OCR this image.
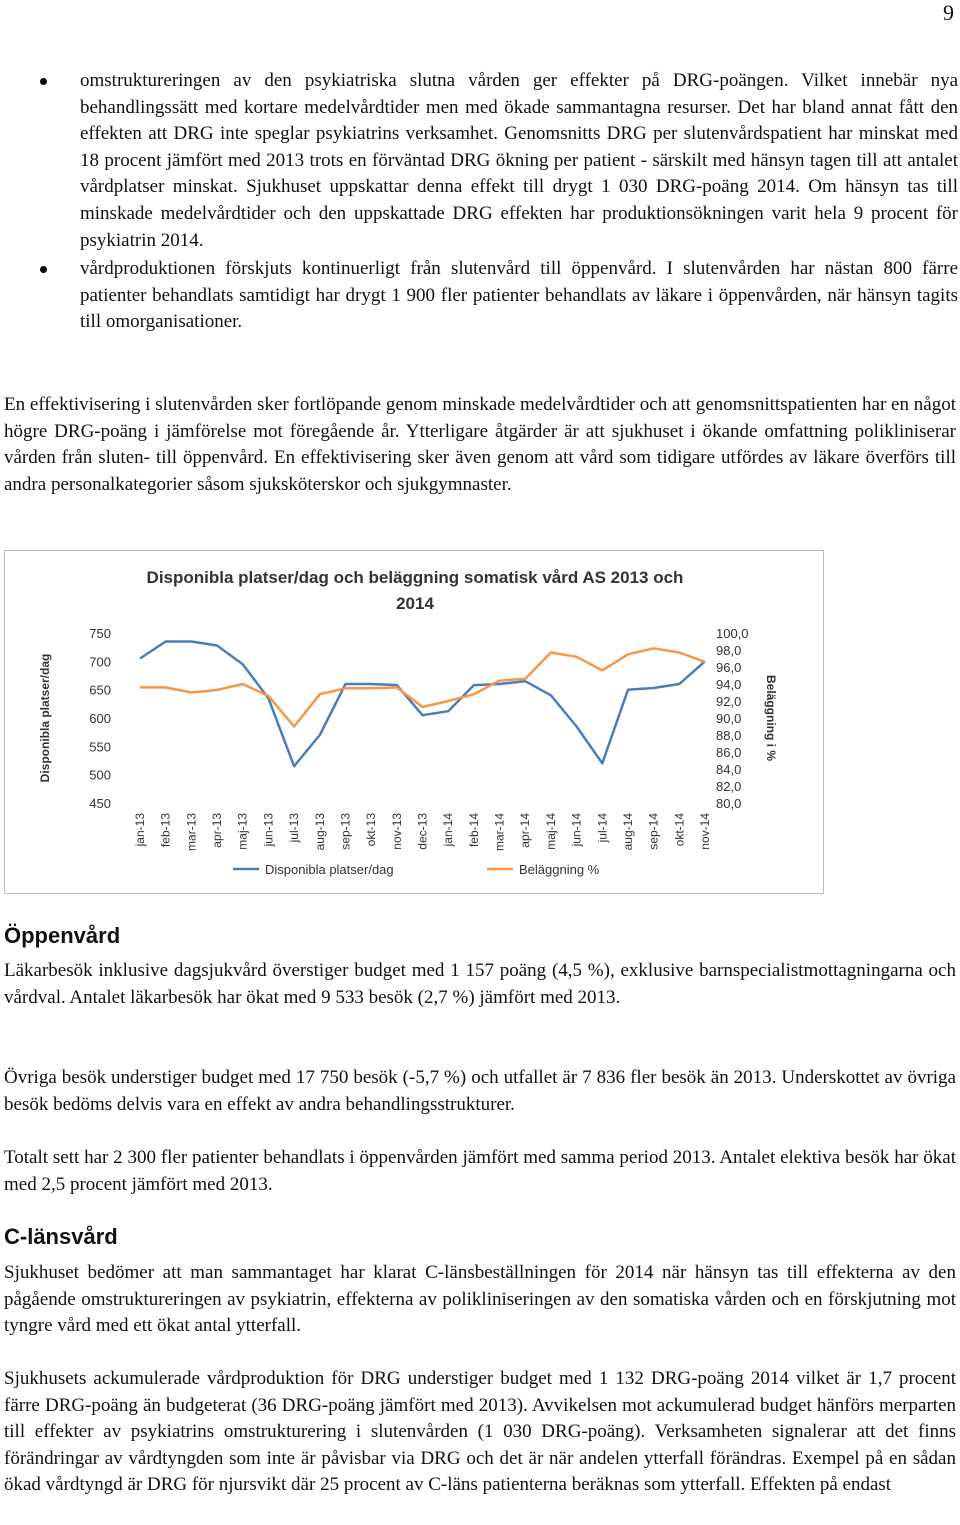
9
omstruktureringen av den psykiatriska slutna vården ger effekter på DRG-poängen. Vilket innebär nya behandlingssätt med kortare medelvårdtider men med ökade sammantagna resurser. Det har bland annat fått den effekten att DRG inte speglar psykiatrins verksamhet. Genomsnitts DRG per slutenvårdspatient har minskat med 18 procent jämfört med 2013 trots en förväntad DRG ökning per patient - särskilt med hänsyn tagen till att antalet vårdplatser minskat. Sjukhuset uppskattar denna effekt till drygt 1 030 DRG-poäng 2014. Om hänsyn tas till minskade medelvårdtider och den uppskattade DRG effekten har produktionsökningen varit hela 9 procent för psykiatrin 2014.
vårdproduktionen förskjuts kontinuerligt från slutenvård till öppenvård. I slutenvården har nästan 800 färre patienter behandlats samtidigt har drygt 1 900 fler patienter behandlats av läkare i öppenvården, när hänsyn tagits till omorganisationer.

En effektivisering i slutenvården sker fortlöpande genom minskade medelvårdtider och att genomsnittspatienten har en något högre DRG-poäng i jämförelse mot föregående år. Ytterligare åtgärder är att sjukhuset i ökande omfattning polikliniserar vården från sluten- till öppenvård. En effektivisering sker även genom att vård som tidigare utfördes av läkare överförs till andra personalkategorier såsom sjuksköterskor och sjukgymnaster.

Disponibla platser/dag och beläggning somatisk vård AS 2013 och 2014
750
700
650
600
550
500
450
100,0
98,0
96,0
94,0
92,0
90,0
88,0
86,0
84,0
82,0
80,0
Disponibla platser/dag	Beläggning i %
jan-13 feb-13 mar-13 apr-13 maj-13 jun-13 jul-13 aug-13 sep-13 okt-13 nov-13 dec-13 jan-14 feb-14 mar-14 apr-14 maj-14 jun-14 jul-14 aug-14 sep-14 okt-14 nov-14
Disponibla platser/dag	Beläggning %
Öppenvård

Läkarbesök inklusive dagsjukvård överstiger budget med 1 157 poäng (4,5 %), exklusive barnspecialistmottagningarna och vårdval. Antalet läkarbesök har ökat med 9 533 besök (2,7 %) jämfört med 2013.

Övriga besök understiger budget med 17 750 besök (-5,7 %) och utfallet är 7 836 fler besök än 2013. Underskottet av övriga besök bedöms delvis vara en effekt av andra behandlingsstrukturer.

Totalt sett har 2 300 fler patienter behandlats i öppenvården jämfört med samma period 2013. Antalet elektiva besök har ökat med 2,5 procent jämfört med 2013.

C-länsvård

Sjukhuset bedömer att man sammantaget har klarat C-länsbeställningen för 2014 när hänsyn tas till effekterna av den pågående omstruktureringen av psykiatrin, effekterna av polikliniseringen av den somatiska vården och en förskjutning mot tyngre vård med ett ökat antal ytterfall.

Sjukhusets ackumulerade vårdproduktion för DRG understiger budget med 1 132 DRG-poäng 2014 vilket är 1,7 procent färre DRG-poäng än budgeterat (36 DRG-poäng jämfört med 2013). Avvikelsen mot ackumulerad budget hänförs merparten till effekter av psykiatrins omstrukturering i slutenvården (1 030 DRG-poäng). Verksamheten signalerar att det finns förändringar av vårdtyngden som inte är påvisbar via DRG och det är när andelen ytterfall förändras. Exempel på en sådan ökad vårdtyngd är DRG för njursvikt där 25 procent av C-läns patienterna beräknas som ytterfall. Effekten på endast
